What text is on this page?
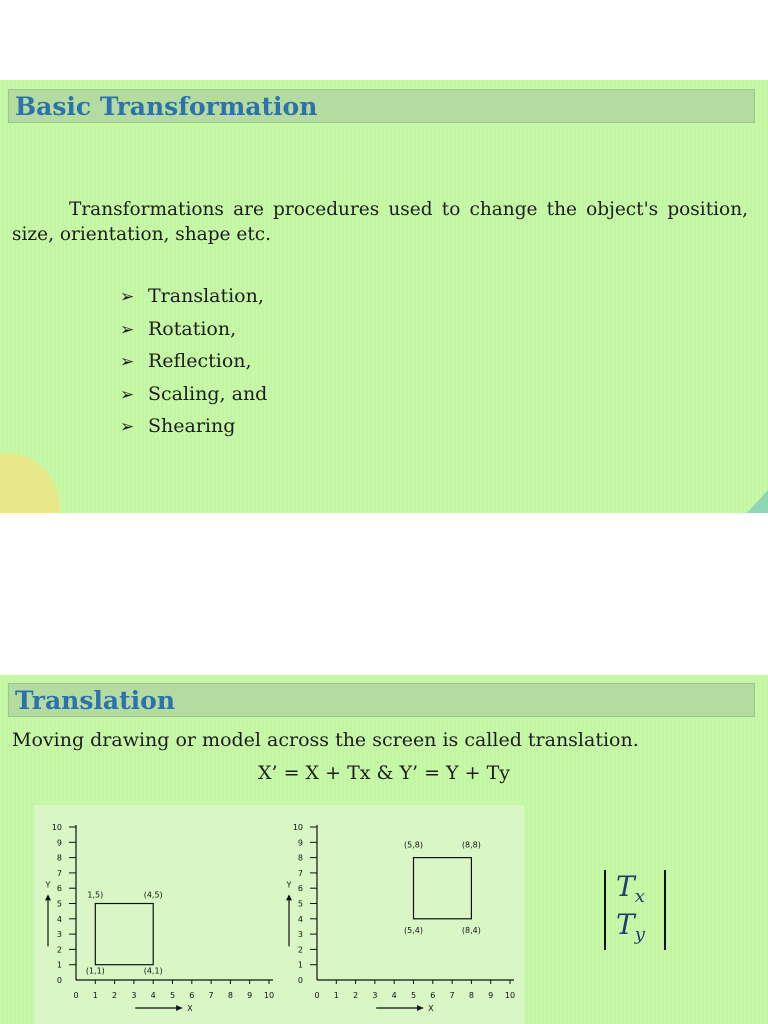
Basic Transformation
Transformations are procedures used to change the object's position, size, orientation, shape etc.
➢ Translation,
➢ Rotation,
➢ Reflection,
➢ Scaling, and
➢ Shearing
Translation
Moving drawing or model across the screen is called translation.
X’ = X + Tx & Y’ = Y + Ty
0
1
2
3
4
5
6
7
8
9
10
0 1 2 3 4 5 6 7 8 9 10
X
Y
1,5)	(4,5)
(1,1)	(4,1)
0
1
2
3
4
5
6
7
8
9
10
0 1 2 3 4 5 6 7 8 9 10
X
Y
(5,8)	(8,8)
(5,4)	(8,4)
$T_x$
$T_y$
